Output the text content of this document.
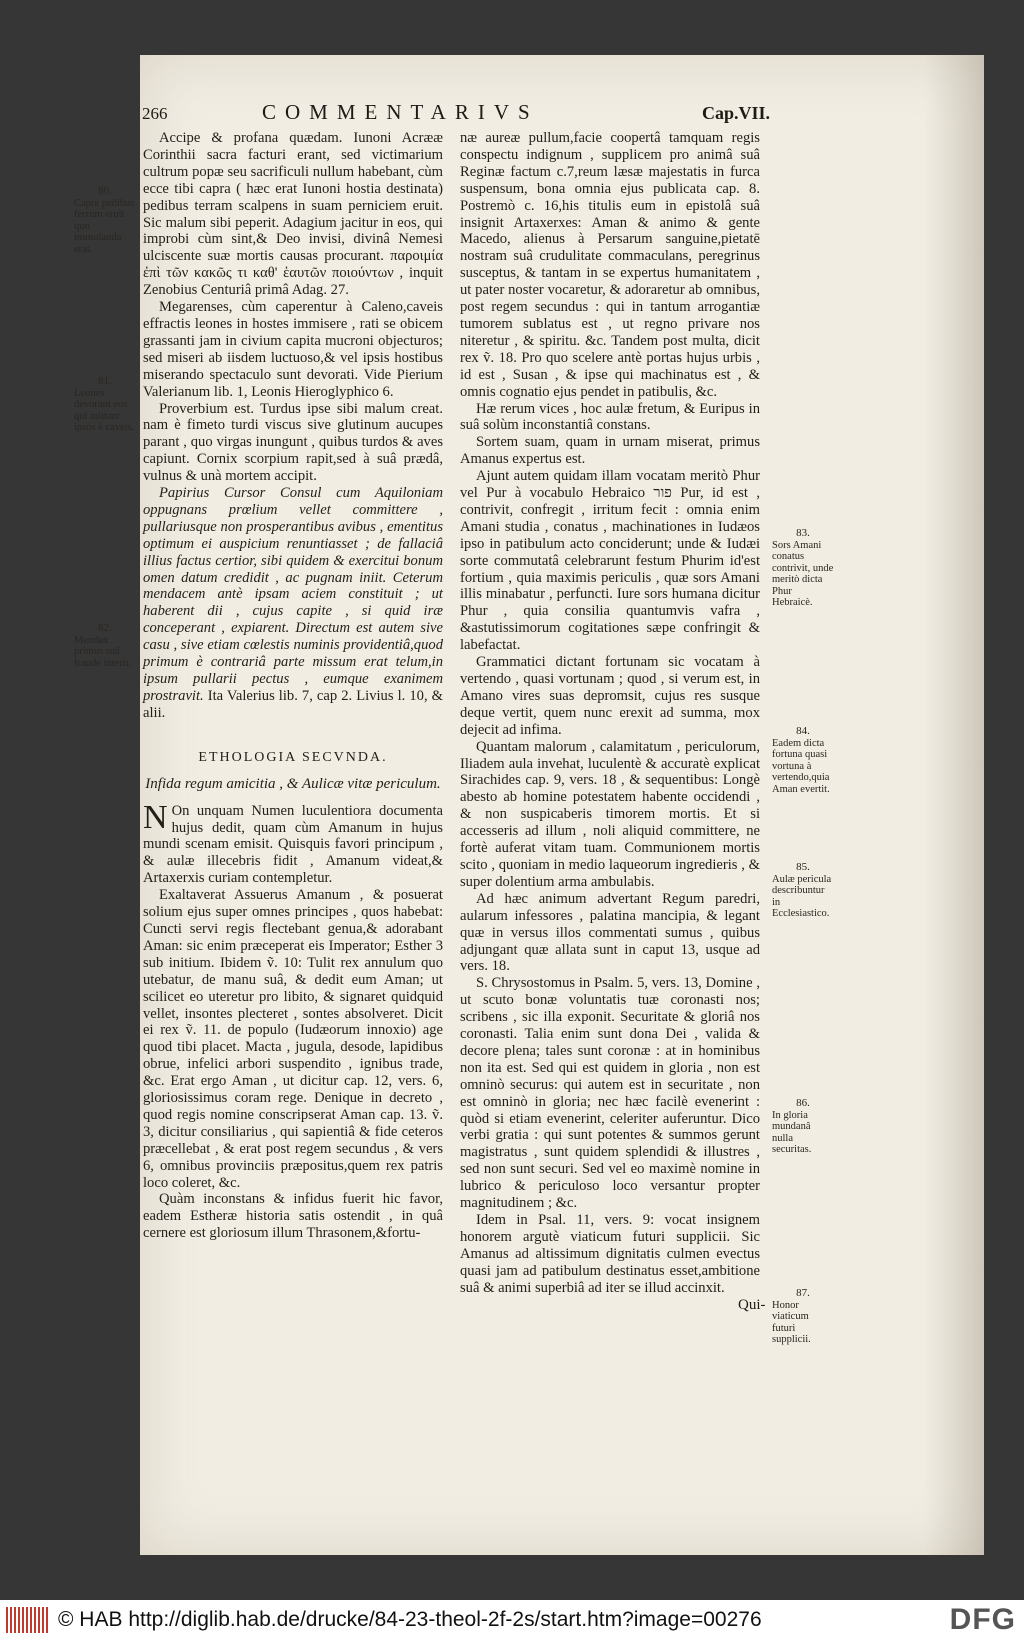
266	COMMENTARIVS	Cap.VII.

Accipe & profana quædam. Iunoni Acrææ Corinthii sacra facturi erant, sed victimarium cultrum popæ seu sacrificuli nullum habebant, cùm ecce tibi capra ( hæc erat Iunoni hostia destinata) pedibus terram scalpens in suam perniciem eruit. Sic malum sibi peperit. Adagium jacitur in eos, qui improbi cùm sint,& Deo invisi, divinâ Nemesi ulciscente suæ mortis causas procurant. παροιμία ἐπὶ τῶν κακῶς τι καθ' ἑαυτῶν ποιούντων , inquit Zenobius Centuriâ primâ Adag. 27.

Megarenses, cùm caperentur à Caleno,caveis effractis leones in hostes immisere , rati se obicem grassanti jam in civium capita mucroni objecturos; sed miseri ab iisdem luctuoso,& vel ipsis hostibus miserando spectaculo sunt devorati. Vide Pierium Valerianum lib. 1, Leonis Hieroglyphico 6.

Proverbium est. Turdus ipse sibi malum creat. nam è fimeto turdi viscus sive glutinum aucupes parant , quo virgas inungunt , quibus turdos & aves capiunt. Cornix scorpium rapit,sed à suâ prædâ, vulnus & unà mortem accipit.

Papirius Cursor Consul cum Aquiloniam oppugnans prœlium vellet committere , pullariusque non prosperantibus avibus , ementitus optimum ei auspicium renuntiasset ; de fallaciâ illius factus certior, sibi quidem & exercitui bonum omen datum credidit , ac pugnam iniit. Ceterum mendacem antè ipsam aciem constituit ; ut haberent dii , cujus capite , si quid iræ conceperant , expiarent. Directum est autem sive casu , sive etiam cœlestis numinis providentiâ,quod primum è contrariâ parte missum erat telum,in ipsum pullarii pectus , eumque exanimem prostravit. Ita Valerius lib. 7, cap 2. Livius l. 10, & alii.

ETHOLOGIA SECVNDA.

Infida regum amicitia , & Aulicæ vitæ periculum.

N On unquam Numen luculentiora documenta hujus dedit, quam cùm Amanum in hujus mundi scenam emisit. Quisquis favori principum , & aulæ illecebris fidit , Amanum videat,& Artaxerxis curiam contempletur.

Exaltaverat Assuerus Amanum , & posuerat solium ejus super omnes principes , quos habebat: Cuncti servi regis flectebant genua,& adorabant Aman: sic enim præceperat eis Imperator; Esther 3 sub initium. Ibidem ṽ. 10: Tulit rex annulum quo utebatur, de manu suâ, & dedit eum Aman; ut scilicet eo uteretur pro libito, & signaret quidquid vellet, insontes plecteret , sontes absolveret. Dicit ei rex ṽ. 11. de populo (Iudæorum innoxio) age quod tibi placet. Macta , jugula, desode, lapidibus obrue, infelici arbori suspendito , ignibus trade, &c. Erat ergo Aman , ut dicitur cap. 12, vers. 6, gloriosissimus coram rege. Denique in decreto , quod regis nomine conscripserat Aman cap. 13. ṽ. 3, dicitur consiliarius , qui sapientiâ & fide ceteros præcellebat , & erat post regem secundus , & vers 6, omnibus provinciis præpositus,quem rex patris loco coleret, &c.

Quàm inconstans & infidus fuerit hic favor, eadem Estheræ historia satis ostendit , in quâ cernere est gloriosum illum Thrasonem,&fortu-

næ aureæ pullum,facie coopertâ tamquam regis conspectu indignum , supplicem pro animâ suâ Reginæ factum c.7,reum læsæ majestatis in furca suspensum, bona omnia ejus publicata cap. 8. Postremò c. 16,his titulis eum in epistolâ suâ insignit Artaxerxes: Aman & animo & gente Macedo, alienus à Persarum sanguine,pietatē nostram suâ crudulitate commaculans, peregrinus susceptus, & tantam in se expertus humanitatem , ut pater noster vocaretur, & adoraretur ab omnibus, post regem secundus : qui in tantum arrogantiæ tumorem sublatus est , ut regno privare nos niteretur , & spiritu. &c. Tandem post multa, dicit rex ṽ. 18. Pro quo scelere antè portas hujus urbis , id est , Susan , & ipse qui machinatus est , & omnis cognatio ejus pendet in patibulis, &c.

Hæ rerum vices , hoc aulæ fretum, & Euripus in suâ solùm inconstantiâ constans.

Sortem suam, quam in urnam miserat, primus Amanus expertus est.

Ajunt autem quidam illam vocatam meritò Phur vel Pur à vocabulo Hebraico פור Pur, id est , contrivit, confregit , irritum fecit : omnia enim Amani studia , conatus , machinationes in Iudæos ipso in patibulum acto conciderunt; unde & Iudæi sorte commutatâ celebrarunt festum Phurim id'est fortium , quia maximis periculis , quæ sors Amani illis minabatur , perfuncti. Iure sors humana dicitur Phur , quia consilia quantumvis vafra , &astutissimorum cogitationes sæpe confringit & labefactat.

Grammatici dictant fortunam sic vocatam à vertendo , quasi vortunam ; quod , si verum est, in Amano vires suas depromsit, cujus res susque deque vertit, quem nunc erexit ad summa, mox dejecit ad infima.

Quantam malorum , calamitatum , periculorum, Iliadem aula invehat, luculentè & accuratè explicat Sirachides cap. 9, vers. 18 , & sequentibus: Longè abesto ab homine potestatem habente occidendi , & non suspicaberis timorem mortis. Et si accesseris ad illum , noli aliquid committere, ne fortè auferat vitam tuam. Communionem mortis scito , quoniam in medio laqueorum ingredieris , & super dolentium arma ambulabis.

Ad hæc animum advertant Regum paredri, aularum infessores , palatina mancipia, & legant quæ in versus illos commentati sumus , quibus adjungant quæ allata sunt in caput 13, usque ad vers. 18.

S. Chrysostomus in Psalm. 5, vers. 13, Domine , ut scuto bonæ voluntatis tuæ coronasti nos; scribens , sic illa exponit. Securitate & gloriâ nos coronasti. Talia enim sunt dona Dei , valida & decore plena; tales sunt coronæ : at in hominibus non ita est. Sed qui est quidem in gloria , non est omninò securus: qui autem est in securitate , non est omninò in gloria; nec hæc facilè evenerint : quòd si etiam evenerint, celeriter auferuntur. Dico verbi gratia : qui sunt potentes & summos gerunt magistratus , sunt quidem splendidi & illustres , sed non sunt securi. Sed vel eo maximè nomine in lubrico & periculoso loco versantur propter magnitudinem ; &c.

Idem in Psal. 11, vers. 9: vocat insignem honorem argutè viaticum futuri supplicii. Sic Amanus ad altissimum dignitatis culmen evectus quasi jam ad patibulum destinatus esset,ambitione suâ & animi superbiâ ad iter se illud accinxit.

80.
Capra pedibus ferrum eruit quo immolanda erat.
81.
Leones devorant eos qui mittant ipsos è caveis.
82.
Mendax primus suâ fraude interit.
83.
Sors Amani conatus contrivit, unde meritò dicta Phur Hebraicè.
84.
Eadem dicta fortuna quasi vortuna à vertendo,quia Aman evertit.
85.
Aulæ pericula describuntur in Ecclesiastico.
86.
In gloria mundanâ nulla securitas.
87.
Honor viaticum futuri supplicii.
Qui-
© HAB http://diglib.hab.de/drucke/84-23-theol-2f-2s/start.htm?image=00276	DFG
